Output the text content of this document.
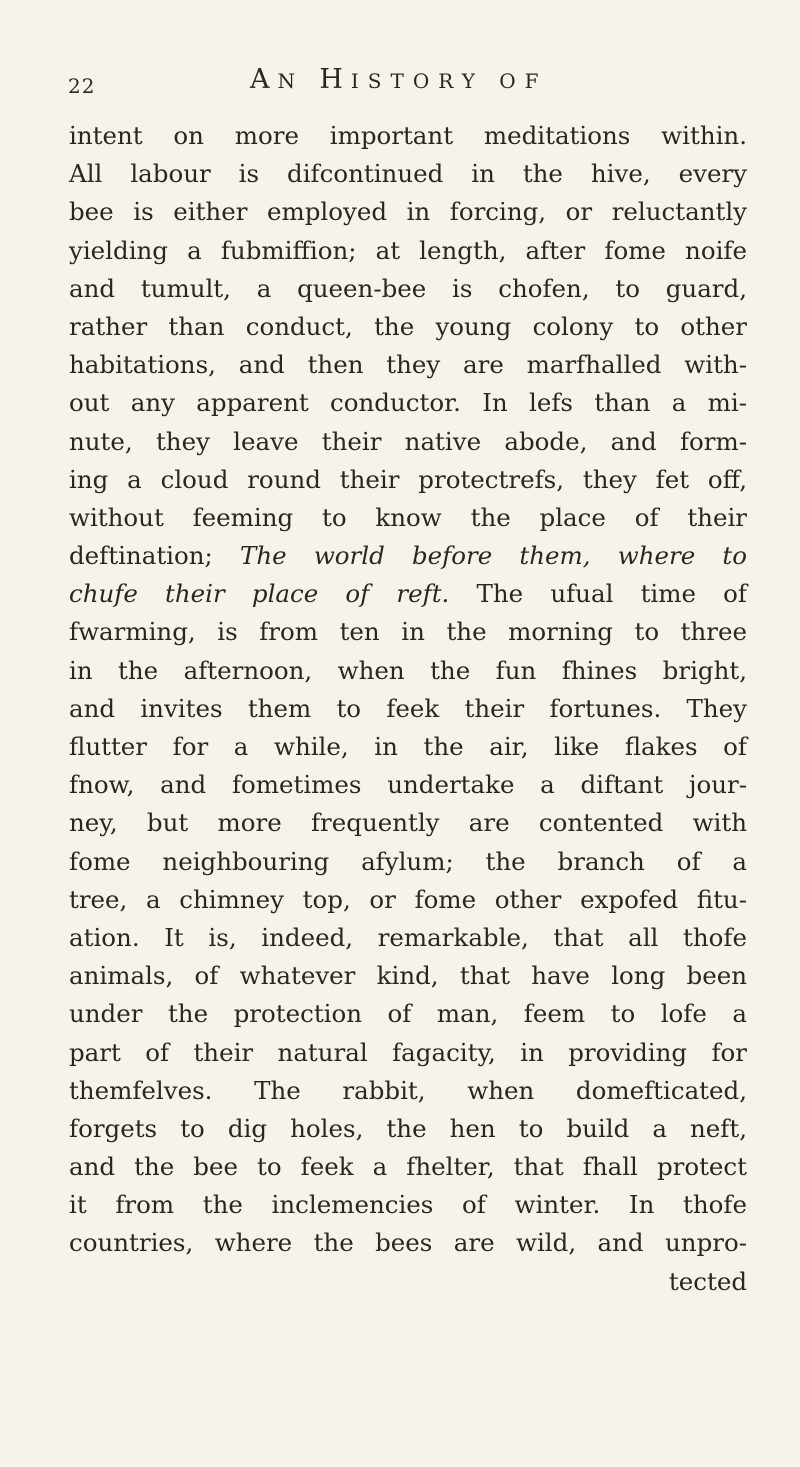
22	AN HISTORY OF
intent on more important meditations within.
All labour is difcontinued in the hive, every
bee is either employed in forcing, or reluctantly
yielding a fubmiffion; at length, after fome noife
and tumult, a queen-bee is chofen, to guard,
rather than conduct, the young colony to other
habitations, and then they are marfhalled with-
out any apparent conductor. In lefs than a mi-
nute, they leave their native abode, and form-
ing a cloud round their protectrefs, they fet off,
without feeming to know the place of their
deftination; The world before them, where to
chufe their place of reft. The ufual time of
fwarming, is from ten in the morning to three
in the afternoon, when the fun fhines bright,
and invites them to feek their fortunes. They
flutter for a while, in the air, like flakes of
fnow, and fometimes undertake a diftant jour-
ney, but more frequently are contented with
fome neighbouring afylum; the branch of a
tree, a chimney top, or fome other expofed fitu-
ation. It is, indeed, remarkable, that all thofe
animals, of whatever kind, that have long been
under the protection of man, feem to lofe a
part of their natural fagacity, in providing for
themfelves. The rabbit, when domefticated,
forgets to dig holes, the hen to build a neft,
and the bee to feek a fhelter, that fhall protect
it from the inclemencies of winter. In thofe
countries, where the bees are wild, and unpro-
tected
